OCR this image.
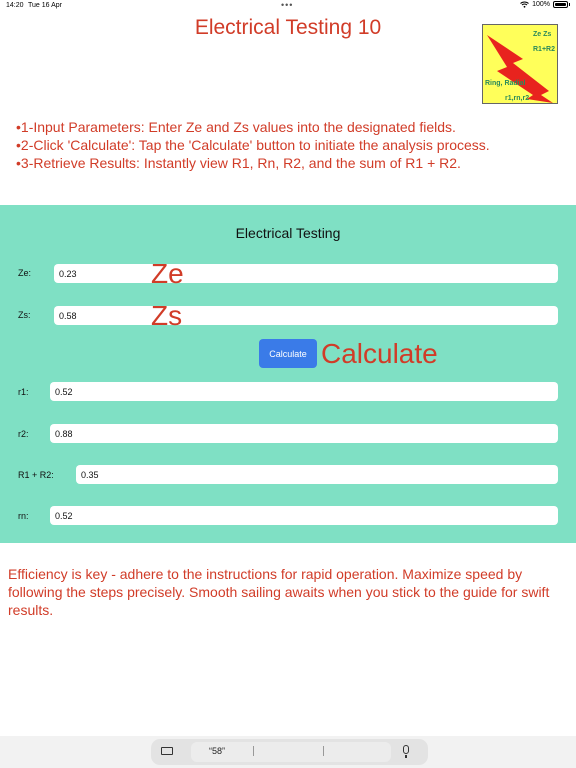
14:20 Tue 16 Apr	•••	100%
Electrical Testing 10	Ze Zs
R1+R2
Ring, Radial
r1,rn,r2
•1-Input Parameters: Enter Ze and Zs values into the designated fields.
•2-Click 'Calculate': Tap the 'Calculate' button to initiate the analysis process.
•3-Retrieve Results: Instantly view R1, Rn, R2, and the sum of R1 + R2.
Electrical Testing
Ze:
0.23	Ze
Zs:
0.58	Zs
Calculate Calculate
r1:
0.52
r2:
0.88
R1 + R2:
0.35
rn:
0.52
Efficiency is key - adhere to the instructions for rapid operation. Maximize speed by following the steps precisely. Smooth sailing awaits when you stick to the guide for swift results.
“58”
